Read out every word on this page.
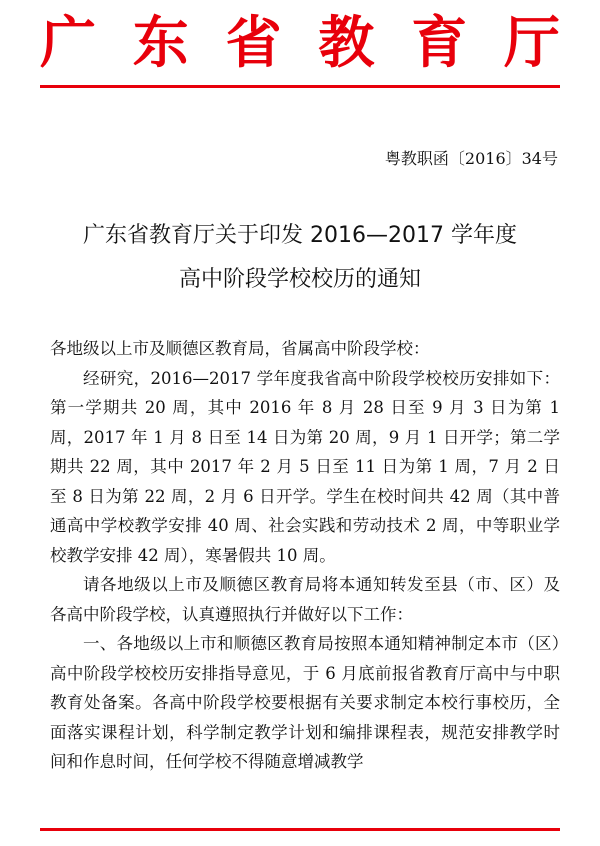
广 东 省 教 育 厅
粤教职函〔2016〕34号
广东省教育厅关于印发 2016—2017 学年度
高中阶段学校校历的通知

各地级以上市及顺德区教育局，省属高中阶段学校：

经研究，2016—2017 学年度我省高中阶段学校校历安排如下：第一学期共 20 周，其中 2016 年 8 月 28 日至 9 月 3 日为第 1 周，2017 年 1 月 8 日至 14 日为第 20 周，9 月 1 日开学；第二学期共 22 周，其中 2017 年 2 月 5 日至 11 日为第 1 周，7 月 2 日至 8 日为第 22 周，2 月 6 日开学。学生在校时间共 42 周（其中普通高中学校教学安排 40 周、社会实践和劳动技术 2 周，中等职业学校教学安排 42 周），寒暑假共 10 周。

请各地级以上市及顺德区教育局将本通知转发至县（市、区）及各高中阶段学校，认真遵照执行并做好以下工作：

一、各地级以上市和顺德区教育局按照本通知精神制定本市（区）高中阶段学校校历安排指导意见，于 6 月底前报省教育厅高中与中职教育处备案。各高中阶段学校要根据有关要求制定本校行事校历，全面落实课程计划，科学制定教学计划和编排课程表，规范安排教学时间和作息时间，任何学校不得随意增减教学
